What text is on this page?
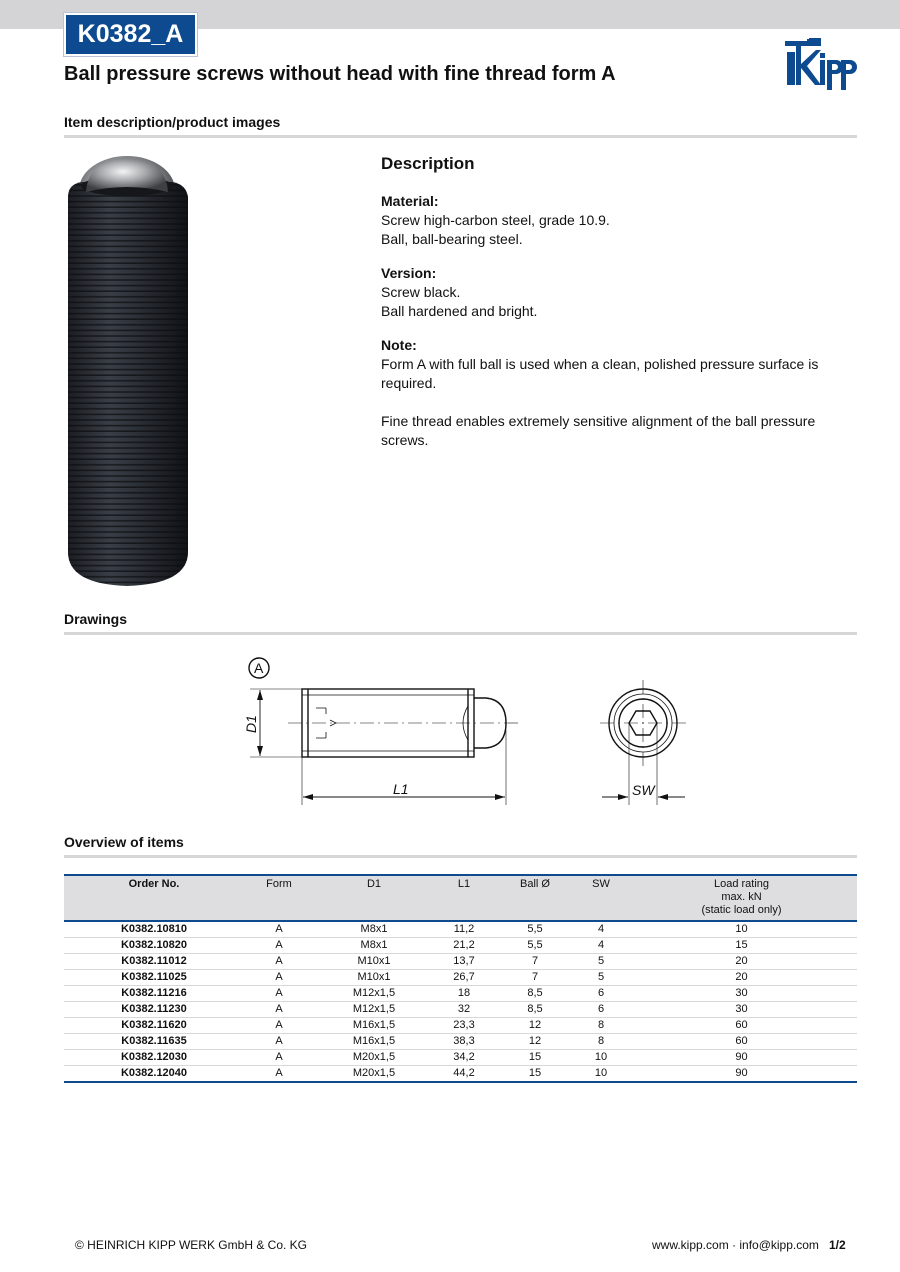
K0382_A
Ball pressure screws without head with fine thread form A
Kipp
Item description/product images
Description

Material:

Screw high-carbon steel, grade 10.9.

Ball, ball-bearing steel.

Version:

Screw black.

Ball hardened and bright.

Note:

Form A with full ball is used when a clean, polished pressure surface is required.

Fine thread enables extremely sensitive alignment of the ball pressure screws.

Drawings
A
D1
L1	SW
Overview of items
Order No.	Form	D1	L1	Ball Ø	SW	Load rating
max. kN
(static load only)

K0382.10810	A	M8x1	11,2	5,5	4	10
K0382.10820	A	M8x1	21,2	5,5	4	15
K0382.11012	A	M10x1	13,7	7	5	20
K0382.11025	A	M10x1	26,7	7	5	20
K0382.11216	A	M12x1,5	18	8,5	6	30
K0382.11230	A	M12x1,5	32	8,5	6	30
K0382.11620	A	M16x1,5	23,3	12	8	60
K0382.11635	A	M16x1,5	38,3	12	8	60
K0382.12030	A	M20x1,5	34,2	15	10	90
K0382.12040	A	M20x1,5	44,2	15	10	90
© HEINRICH KIPP WERK GmbH & Co. KG	www.kipp.com · info@kipp.com 1/2
